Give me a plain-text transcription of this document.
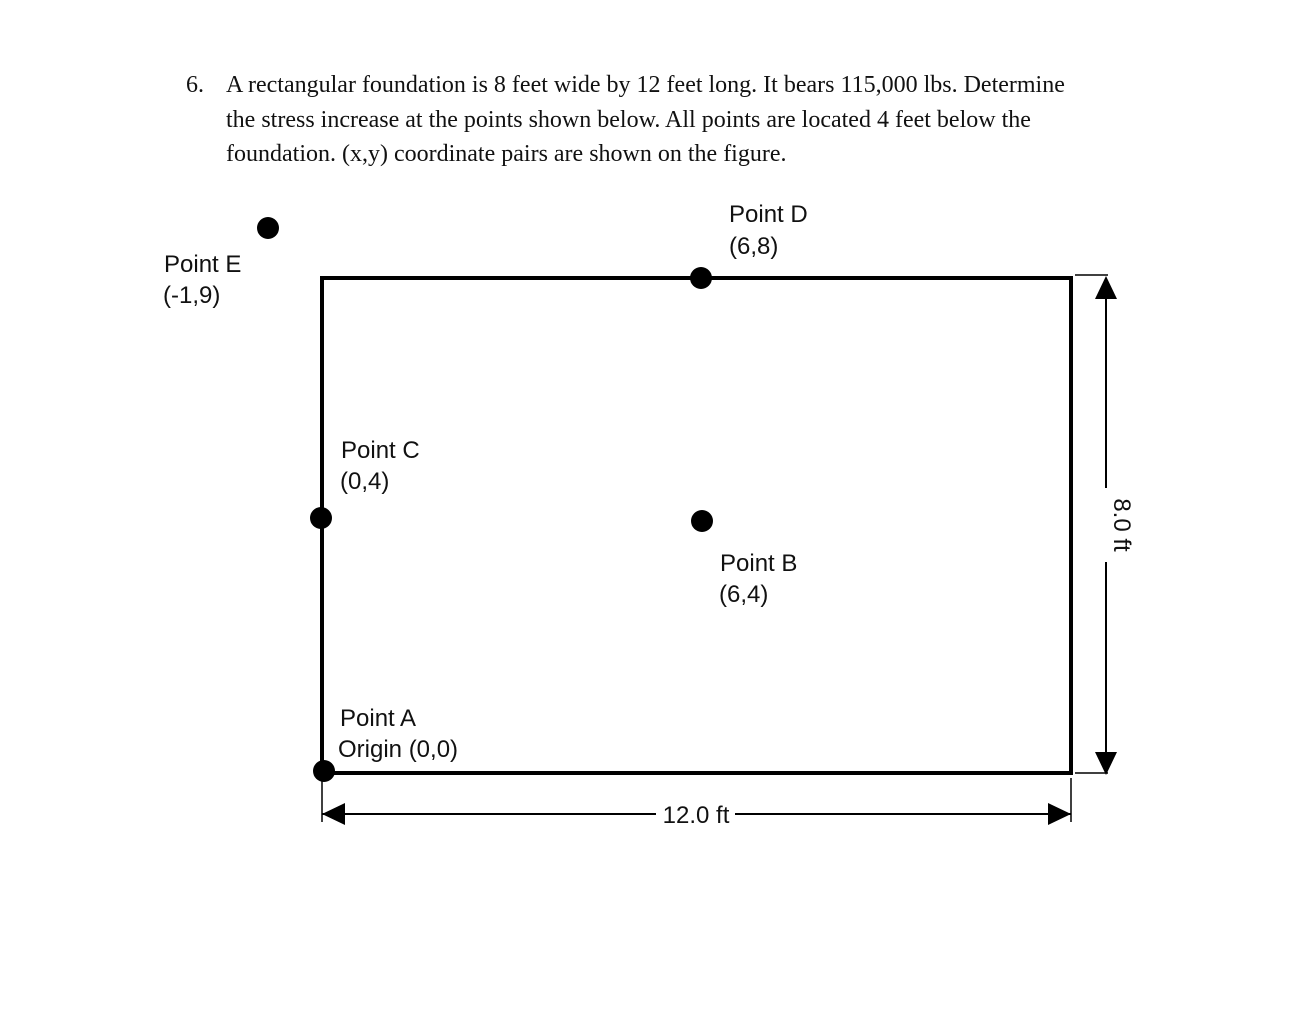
6. A rectangular foundation is 8 feet wide by 12 feet long. It bears 115,000 lbs. Determine
the stress increase at the points shown below. All points are located 4 feet below the
foundation. (x,y) coordinate pairs are shown on the figure.
12.0 ft
8.0 ft
Point A
Origin (0,0)
Point B
(6,4)
Point C
(0,4)
Point D
(6,8)
Point E
(-1,9)
